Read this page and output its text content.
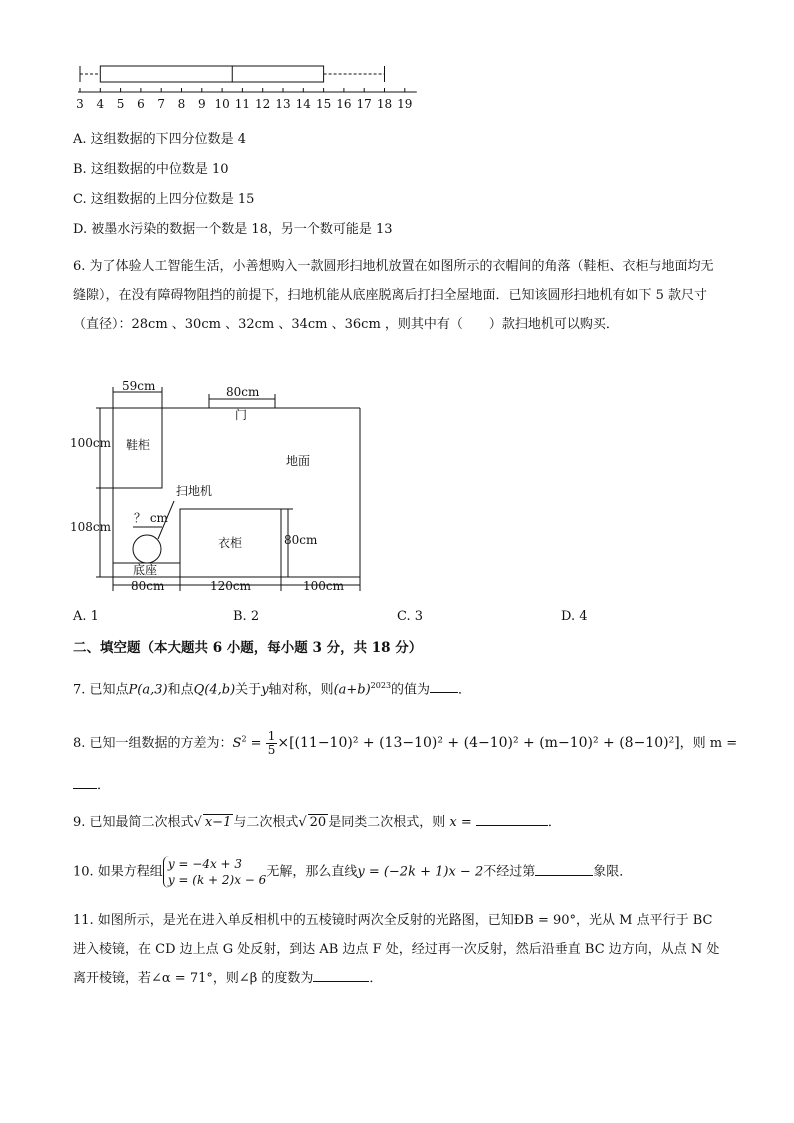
3 4 5 6 7 8 9 10 11 12 13 14 15 16 17 18 19
A. 这组数据的下四分位数是 4
B. 这组数据的中位数是 10
C. 这组数据的上四分位数是 15
D. 被墨水污染的数据一个数是 18，另一个数可能是 13
6. 为了体验人工智能生活，小善想购入一款圆形扫地机放置在如图所示的衣帽间的角落（鞋柜、衣柜与地面均无缝隙），在没有障碍物阻挡的前提下，扫地机能从底座脱离后打扫全屋地面．已知该圆形扫地机有如下 5 款尺寸（直径）：28cm 、30cm 、32cm 、34cm 、36cm ，则其中有（　　）款扫地机可以购买．
59cm	80cm
门
鞋柜
地面
扫地机
？ cm
衣柜	80cm
100cm
108cm
底座
80cm	120cm	100cm
A. 1	B. 2	C. 3	D. 4
二、填空题（本大题共 6 小题，每小题 3 分，共 18 分）
7. 已知点P(a,3)和点Q(4,b)关于y轴对称，则$(a+b)^{2023}$的值为 ．
8. 已知一组数据的方差为：$S^2 = \frac{1}{5} \times[(11-10)^2 + (13-10)^2 + (4-10)^2 + (m-10)^2 + (8-10)^2]$，则 m =
．
9. 已知最简二次根式√ x−1 与二次根式√ 20 是同类二次根式，则 x =	．
10. 如果方程组
y = −4x + 3
y = (k + 2)x − 6
无解，那么直线y = (−2k + 1)x − 2不经过第	象限．
11. 如图所示，是光在进入单反相机中的五棱镜时两次全反射的光路图，已知ÐB = 90°，光从 M 点平行于 BC 进入棱镜，在 CD 边上点 G 处反射，到达 AB 边点 F 处，经过再一次反射，然后沿垂直 BC 边方向，从点 N 处离开棱镜，若∠α = 71°，则∠β 的度数为	．
